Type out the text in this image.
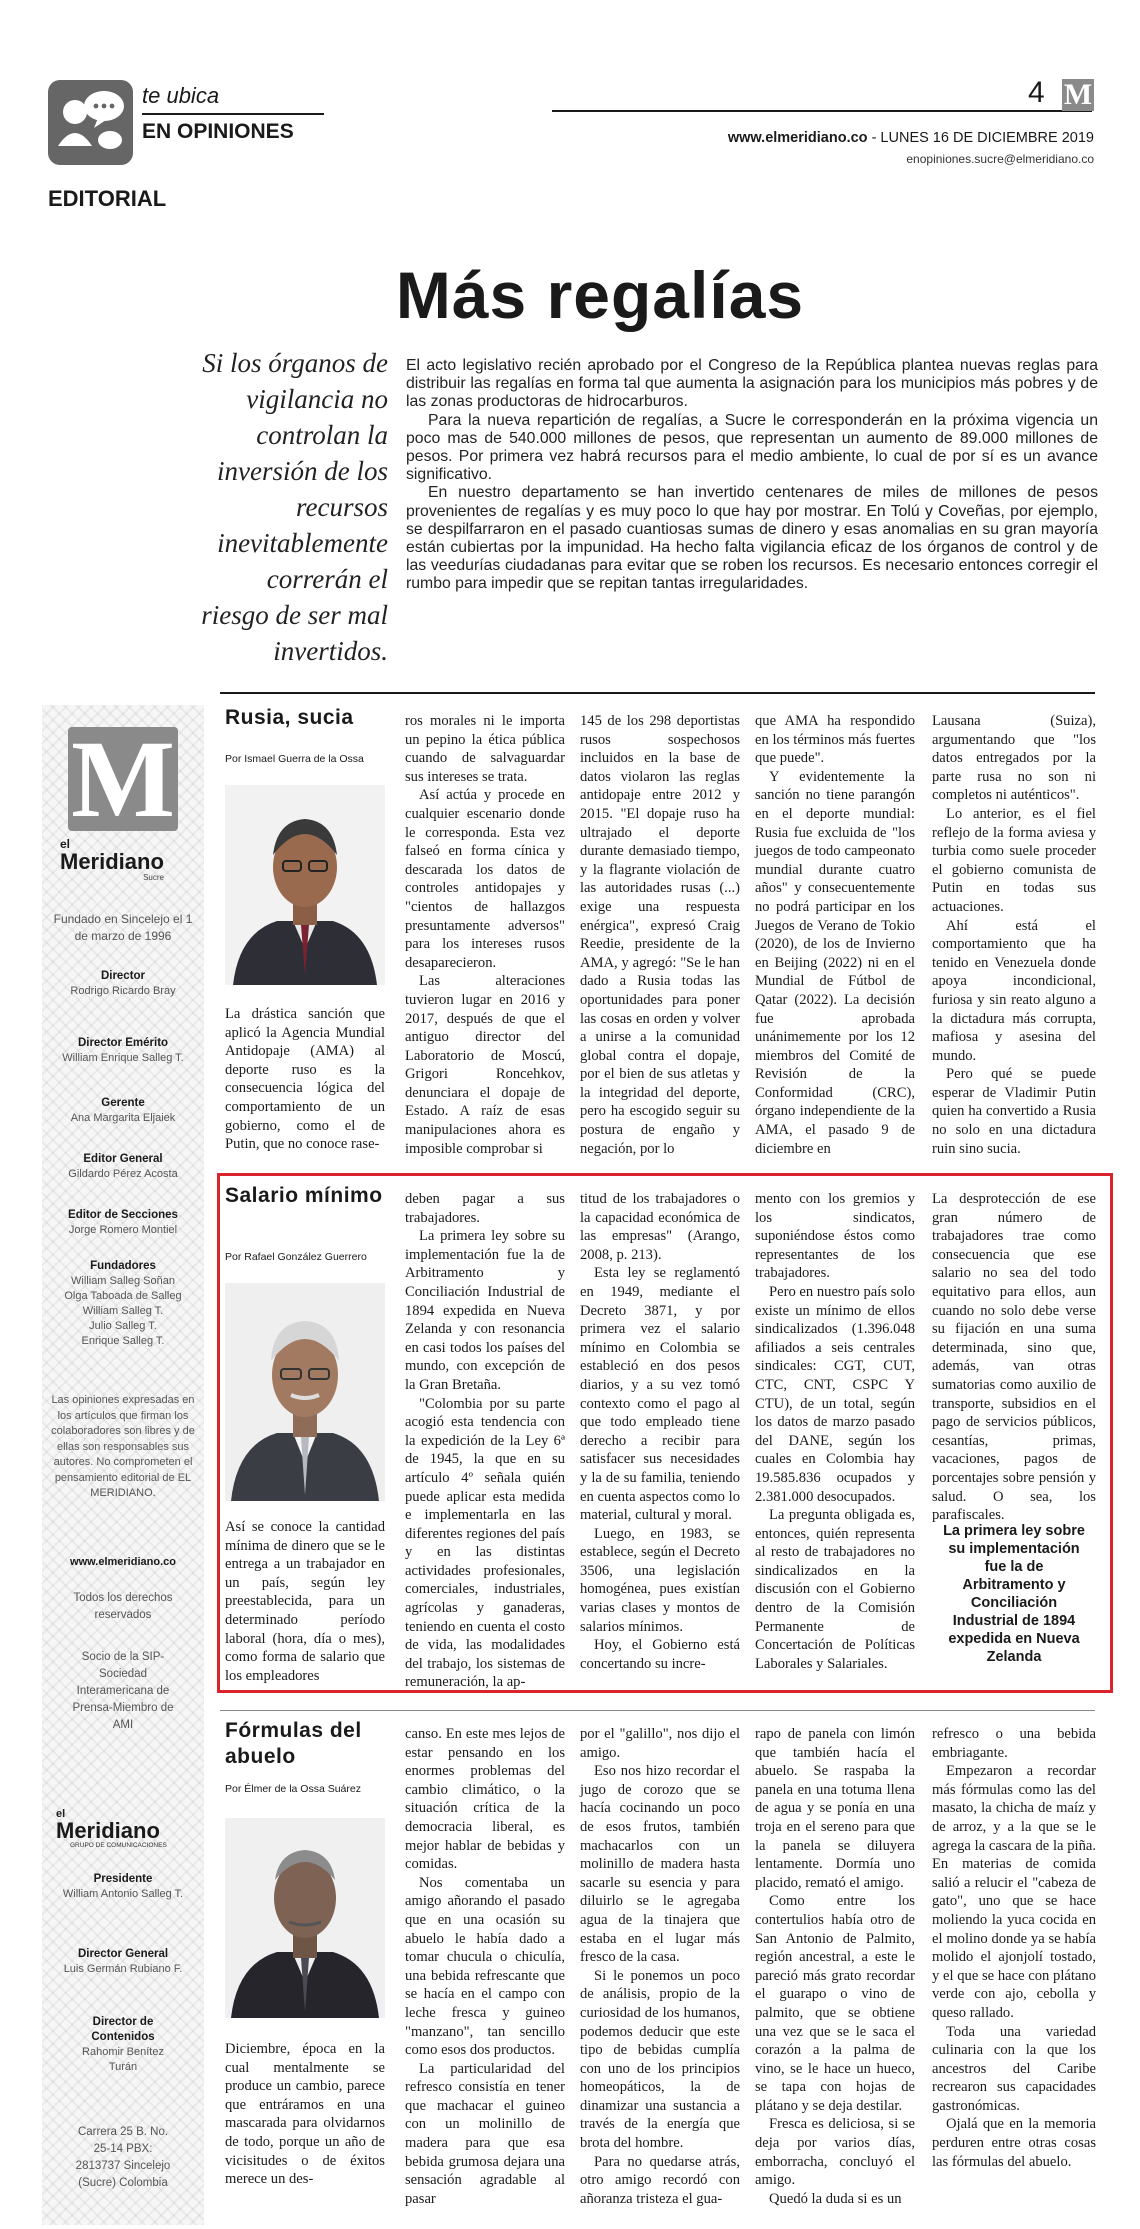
te ubica
EN OPINIONES
EDITORIAL
4 M
www.elmeridiano.co - LUNES 16 DE DICIEMBRE 2019
enopiniones.sucre@elmeridiano.co
Más regalías
Si los órganos de vigilancia no controlan la inversión de los recursos inevitablemente correrán el riesgo de ser mal invertidos.

El acto legislativo recién aprobado por el Congreso de la República plantea nuevas reglas para distribuir las regalías en forma tal que aumenta la asignación para los municipios más pobres y de las zonas productoras de hidrocarburos.

Para la nueva repartición de regalías, a Sucre le corresponderán en la próxima vigencia un poco mas de 540.000 millones de pesos, que representan un aumento de 89.000 millones de pesos. Por primera vez habrá recursos para el medio ambiente, lo cual de por sí es un avance significativo.

En nuestro departamento se han invertido centenares de miles de millones de pesos provenientes de regalías y es muy poco lo que hay por mostrar. En Tolú y Coveñas, por ejemplo, se despilfarraron en el pasado cuantiosas sumas de dinero y esas anomalias en su gran mayoría están cubiertas por la impunidad. Ha hecho falta vigilancia eficaz de los órganos de control y de las veedurías ciudadanas para evitar que se roben los recursos. Es necesario entonces corregir el rumbo para impedir que se repitan tantas irregularidades.

M
el
Meridiano
Sucre
Fundado en Sincelejo el 1 de marzo de 1996
Director
Rodrigo Ricardo Bray
Director Emérito
William Enrique Salleg T.
Gerente
Ana Margarita Eljaiek
Editor General
Gildardo Pérez Acosta
Editor de Secciones
Jorge Romero Montiel
Fundadores
William Salleg Soñan
Olga Taboada de Salleg
William Salleg T.
Julio Salleg T.
Enrique Salleg T.
Las opiniones expresadas en los artículos que firman los colaboradores son libres y de ellas son responsables sus autores. No comprometen el pensamiento editorial de EL MERIDIANO.
www.elmeridiano.co
Todos los derechos reservados
Socio de la SIP-Sociedad Interamericana de Prensa-Miembro de AMI
el
Meridiano
GRUPO DE COMUNICACIONES
Presidente
William Antonio Salleg T.
Director General
Luis Germán Rubiano F.
Director de Contenidos
Rahomir Benítez Turán
Carrera 25 B. No. 25-14 PBX: 2813737 Sincelejo (Sucre) Colombia
Rusia, sucia
Por Ismael Guerra de la Ossa

La drástica sanción que aplicó la Agencia Mundial Antidopaje (AMA) al deporte ruso es la consecuencia lógica del comportamiento de un gobierno, como el de Putin, que no conoce rase-

ros morales ni le importa un pepino la ética pública cuando de salvaguardar sus intereses se trata.

Así actúa y procede en cualquier escenario donde le corresponda. Esta vez falseó en forma cínica y descarada los datos de controles antidopajes y "cientos de hallazgos presuntamente adversos" para los intereses rusos desaparecieron.

Las alteraciones tuvieron lugar en 2016 y 2017, después de que el antiguo director del Laboratorio de Moscú, Grigori Roncehkov, denunciara el dopaje de Estado. A raíz de esas manipulaciones ahora es imposible comprobar si

145 de los 298 deportistas rusos sospechosos incluidos en la base de datos violaron las reglas antidopaje entre 2012 y 2015. "El dopaje ruso ha ultrajado el deporte durante demasiado tiempo, y la flagrante violación de las autoridades rusas (...) exige una respuesta enérgica", expresó Craig Reedie, presidente de la AMA, y agregó: "Se le han dado a Rusia todas las oportunidades para poner las cosas en orden y volver a unirse a la comunidad global contra el dopaje, por el bien de sus atletas y la integridad del deporte, pero ha escogido seguir su postura de engaño y negación, por lo

que AMA ha respondido en los términos más fuertes que puede".

Y evidentemente la sanción no tiene parangón en el deporte mundial: Rusia fue excluida de "los juegos de todo campeonato mundial durante cuatro años" y consecuentemente no podrá participar en los Juegos de Verano de Tokio (2020), de los de Invierno en Beijing (2022) ni en el Mundial de Fútbol de Qatar (2022). La decisión fue aprobada unánimemente por los 12 miembros del Comité de Revisión de la Conformidad (CRC), órgano independiente de la AMA, el pasado 9 de diciembre en

Lausana (Suiza), argumentando que "los datos entregados por la parte rusa no son ni completos ni auténticos".

Lo anterior, es el fiel reflejo de la forma aviesa y turbia como suele proceder el gobierno comunista de Putin en todas sus actuaciones.

Ahí está el comportamiento que ha tenido en Venezuela donde apoya incondicional, furiosa y sin reato alguno a la dictadura más corrupta, mafiosa y asesina del mundo.

Pero qué se puede esperar de Vladimir Putin quien ha convertido a Rusia no solo en una dictadura ruin sino sucia.

Salario mínimo
Por Rafael González Guerrero

Así se conoce la cantidad mínima de dinero que se le entrega a un trabajador en un país, según ley preestablecida, para un determinado período laboral (hora, día o mes), como forma de salario que los empleadores

deben pagar a sus trabajadores.

La primera ley sobre su implementación fue la de Arbitramento y Conciliación Industrial de 1894 expedida en Nueva Zelanda y con resonancia en casi todos los países del mundo, con excepción de la Gran Bretaña.

"Colombia por su parte acogió esta tendencia con la expedición de la Ley 6ª de 1945, la que en su artículo 4º señala quién puede aplicar esta medida e implementarla en las diferentes regiones del país y en las distintas actividades profesionales, comerciales, industriales, agrícolas y ganaderas, teniendo en cuenta el costo de vida, las modalidades del trabajo, los sistemas de remuneración, la ap-

titud de los trabajadores o la capacidad económica de las empresas" (Arango, 2008, p. 213).

Esta ley se reglamentó en 1949, mediante el Decreto 3871, y por primera vez el salario mínimo en Colombia se estableció en dos pesos diarios, y a su vez tomó contexto como el pago al que todo empleado tiene derecho a recibir para satisfacer sus necesidades y la de su familia, teniendo en cuenta aspectos como lo material, cultural y moral.

Luego, en 1983, se establece, según el Decreto 3506, una legislación homogénea, pues existían varias clases y montos de salarios mínimos.

Hoy, el Gobierno está concertando su incre-

mento con los gremios y los sindicatos, suponiéndose éstos como representantes de los trabajadores.

Pero en nuestro país solo existe un mínimo de ellos sindicalizados (1.396.048 afiliados a seis centrales sindicales: CGT, CUT, CTC, CNT, CSPC Y CTU), de un total, según los datos de marzo pasado del DANE, según los cuales en Colombia hay 19.585.836 ocupados y 2.381.000 desocupados.

La pregunta obligada es, entonces, quién representa al resto de trabajadores no sindicalizados en la discusión con el Gobierno dentro de la Comisión Permanente de Concertación de Políticas Laborales y Salariales.

La desprotección de ese gran número de trabajadores trae como consecuencia que ese salario no sea del todo equitativo para ellos, aun cuando no solo debe verse su fijación en una suma determinada, sino que, además, van otras sumatorias como auxilio de transporte, subsidios en el pago de servicios públicos, cesantías, primas, vacaciones, pagos de porcentajes sobre pensión y salud. O sea, los parafiscales.

La primera ley sobre su implementación fue la de Arbitramento y Conciliación Industrial de 1894 expedida en Nueva Zelanda
Fórmulas del abuelo
Por Élmer de la Ossa Suárez

Diciembre, época en la cual mentalmente se produce un cambio, parece que entráramos en una mascarada para olvidarnos de todo, porque un año de vicisitudes o de éxitos merece un des-

canso. En este mes lejos de estar pensando en los enormes problemas del cambio climático, o la situación crítica de la democracia liberal, es mejor hablar de bebidas y comidas.

Nos comentaba un amigo añorando el pasado que en una ocasión su abuelo le había dado a tomar chucula o chiculía, una bebida refrescante que se hacía en el campo con leche fresca y guineo "manzano", tan sencillo como esos dos productos.

La particularidad del refresco consistía en tener que machacar el guineo con un molinillo de madera para que esa bebida grumosa dejara una sensación agradable al pasar

por el "galillo", nos dijo el amigo.

Eso nos hizo recordar el jugo de corozo que se hacía cocinando un poco de esos frutos, también machacarlos con un molinillo de madera hasta sacarle su esencia y para diluirlo se le agregaba agua de la tinajera que estaba en el lugar más fresco de la casa.

Si le ponemos un poco de análisis, propio de la curiosidad de los humanos, podemos deducir que este tipo de bebidas cumplía con uno de los principios homeopáticos, la de dinamizar una sustancia a través de la energía que brota del hombre.

Para no quedarse atrás, otro amigo recordó con añoranza tristeza el gua-

rapo de panela con limón que también hacía el abuelo. Se raspaba la panela en una totuma llena de agua y se ponía en una troja en el sereno para que la panela se diluyera lentamente. Dormía uno placido, remató el amigo.

Como entre los contertulios había otro de San Antonio de Palmito, región ancestral, a este le pareció más grato recordar el guarapo o vino de palmito, que se obtiene una vez que se le saca el corazón a la palma de vino, se le hace un hueco, se tapa con hojas de plátano y se deja destilar.

Fresca es deliciosa, si se deja por varios días, emborracha, concluyó el amigo.

Quedó la duda si es un

refresco o una bebida embriagante.

Empezaron a recordar más fórmulas como las del masato, la chicha de maíz y de arroz, y a la que se le agrega la cascara de la piña. En materias de comida salió a relucir el "cabeza de gato", uno que se hace moliendo la yuca cocida en el molino donde ya se había molido el ajonjolí tostado, y el que se hace con plátano verde con ajo, cebolla y queso rallado.

Toda una variedad culinaria con la que los ancestros del Caribe recrearon sus capacidades gastronómicas.

Ojalá que en la memoria perduren entre otras cosas las fórmulas del abuelo.
